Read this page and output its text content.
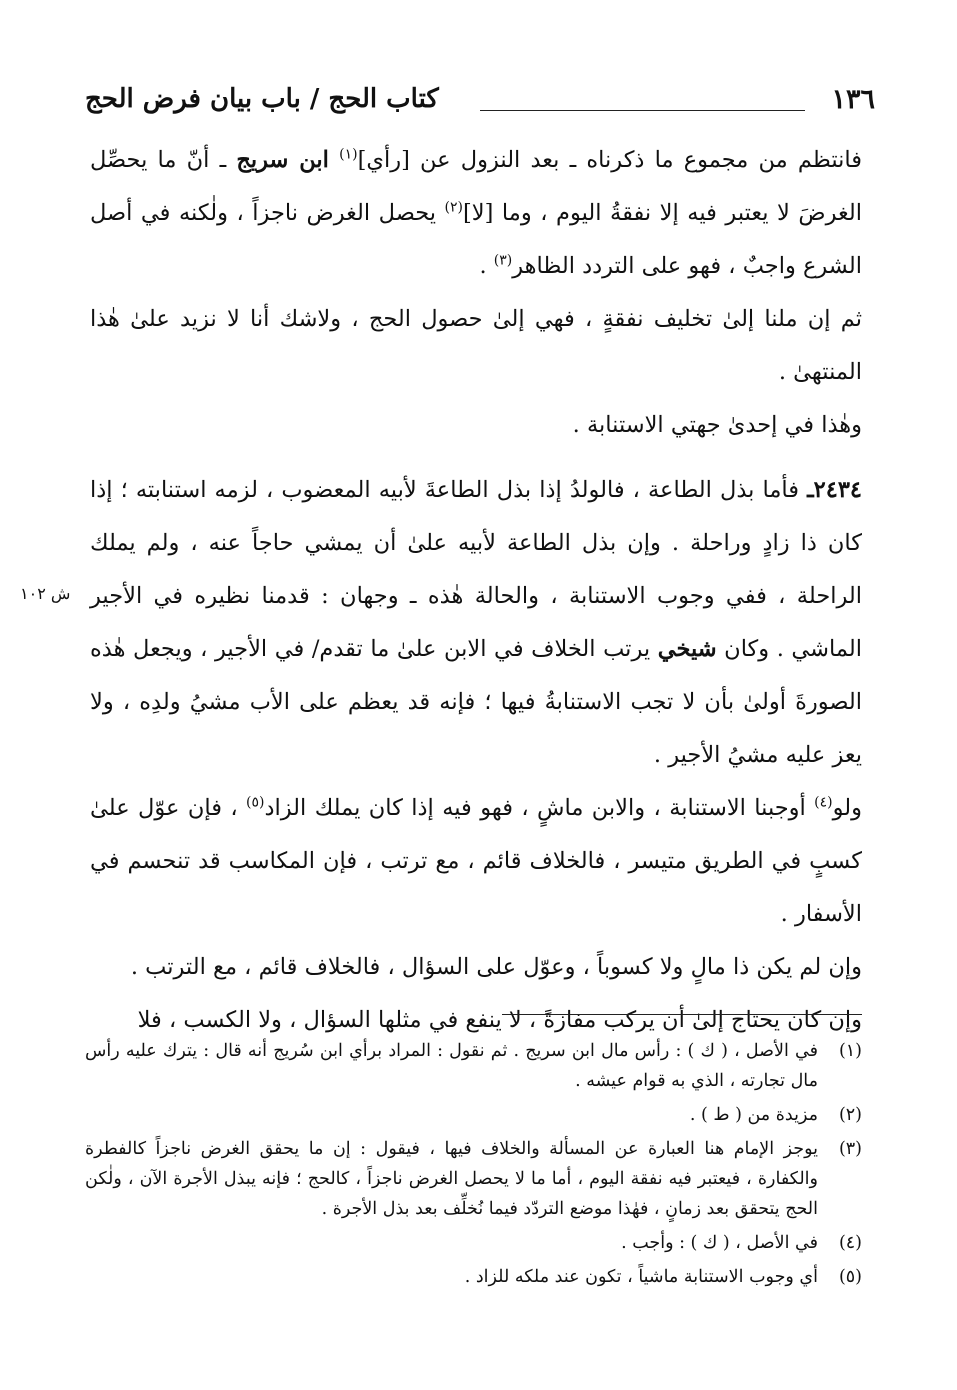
١٣٦
كتاب الحج / باب بيان فرض الحج
ش ١٠٢

فانتظم من مجموع ما ذكرناه ـ بعد النزول عن [رأي]$^{(١)}$ ابن سريج ـ أنّ ما يحصِّل الغرضَ لا يعتبر فيه إلا نفقةُ اليوم ، وما [لا]$^{(٢)}$ يحصل الغرض ناجزاً ، ولٰكنه في أصل الشرع واجبٌ ، فهو على التردد الظاهر$^{(٣)}$ .

ثم إن ملنا إلىٰ تخليف نفقةٍ ، فهي إلىٰ حصول الحج ، ولاشك أنا لا نزيد علىٰ هٰذا المنتهىٰ .

وهٰذا في إحدىٰ جهتي الاستنابة .

٢٤٣٤ـ فأما بذل الطاعة ، فالولدُ إذا بذل الطاعةَ لأبيه المعضوب ، لزمه استنابته ؛ إذا كان ذا زادٍ وراحلة . وإن بذل الطاعة لأبيه علىٰ أن يمشي حاجاً عنه ، ولم يملك الراحلة ، ففي وجوب الاستنابة ، والحالة هٰذه ـ وجهان : قدمنا نظيره في الأجير الماشي . وكان شيخي يرتب الخلاف في الابن علىٰ ما تقدم/ في الأجير ، ويجعل هٰذه الصورةَ أولىٰ بأن لا تجب الاستنابةُ فيها ؛ فإنه قد يعظم على الأب مشيُ ولدِه ، ولا يعز عليه مشيُ الأجير .

ولو$^{(٤)}$ أوجبنا الاستنابة ، والابن ماشٍ ، فهو فيه إذا كان يملك الزاد$^{(٥)}$ ، فإن عوّل علىٰ كسبٍ في الطريق متيسر ، فالخلاف قائم ، مع ترتب ، فإن المكاسب قد تنحسم في الأسفار .

وإن لم يكن ذا مالٍ ولا كسوباً ، وعوّل على السؤال ، فالخلاف قائم ، مع الترتب .

وإن كان يحتاج إلىٰ أن يركب مفازةً ، لا ينفع في مثلها السؤال ، ولا الكسب ، فلا

(١)
في الأصل ، ( ك ) : رأس مال ابن سريج . ثم نقول : المراد برأي ابن سُريج أنه قال : يترك عليه رأس مال تجارته ، الذي به قوام عيشه .
(٢)
مزيدة من ( ط ) .
(٣)
يوجز الإمام هنا العبارة عن المسألة والخلاف فيها ، فيقول : إن ما يحقق الغرض ناجزاً كالفطرة والكفارة ، فيعتبر فيه نفقة اليوم ، أما ما لا يحصل الغرض ناجزاً ، كالحج ؛ فإنه يبذل الأجرة الآن ، ولٰكن الحج يتحقق بعد زمانٍ ، فهٰذا موضع التردّد فيما نُخلِّف بعد بذل الأجرة .
(٤)
في الأصل ، ( ك ) : وأجب .
(٥)
أي وجوب الاستنابة ماشياً ، تكون عند ملكه للزاد .
